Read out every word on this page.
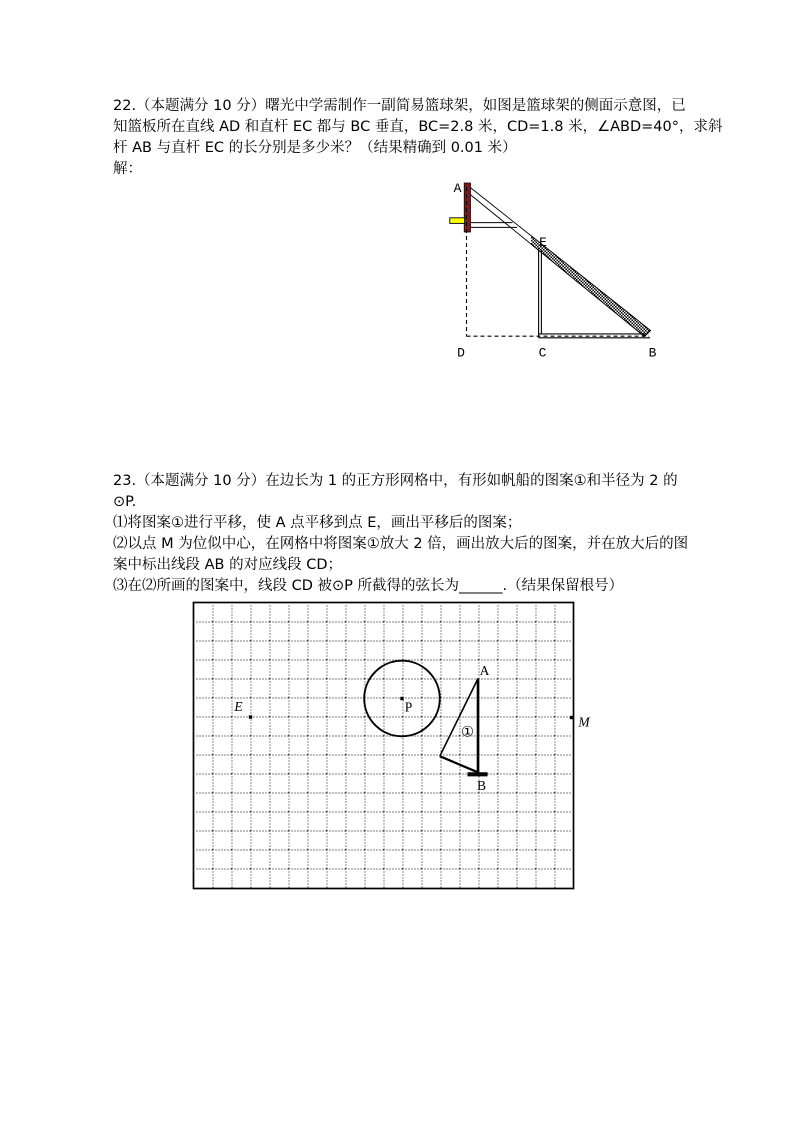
22.（本题满分 10 分）曙光中学需制作一副简易篮球架，如图是篮球架的侧面示意图，已
知篮板所在直线 AD 和直杆 EC 都与 BC 垂直，BC=2.8 米，CD=1.8 米，∠ABD=40°，求斜
杆 AB 与直杆 EC 的长分别是多少米？（结果精确到 0.01 米）
解：
A
E
D	C	B
23.（本题满分 10 分）在边长为 1 的正方形网格中，有形如帆船的图案①和半径为 2 的
⊙P.
⑴将图案①进行平移，使 A 点平移到点 E，画出平移后的图案；
⑵以点 M 为位似中心，在网格中将图案①放大 2 倍，画出放大后的图案，并在放大后的图
案中标出线段 AB 的对应线段 CD；
⑶在⑵所画的图案中，线段 CD 被⊙P 所截得的弦长为______.（结果保留根号）
A
B
E	P
M
①
